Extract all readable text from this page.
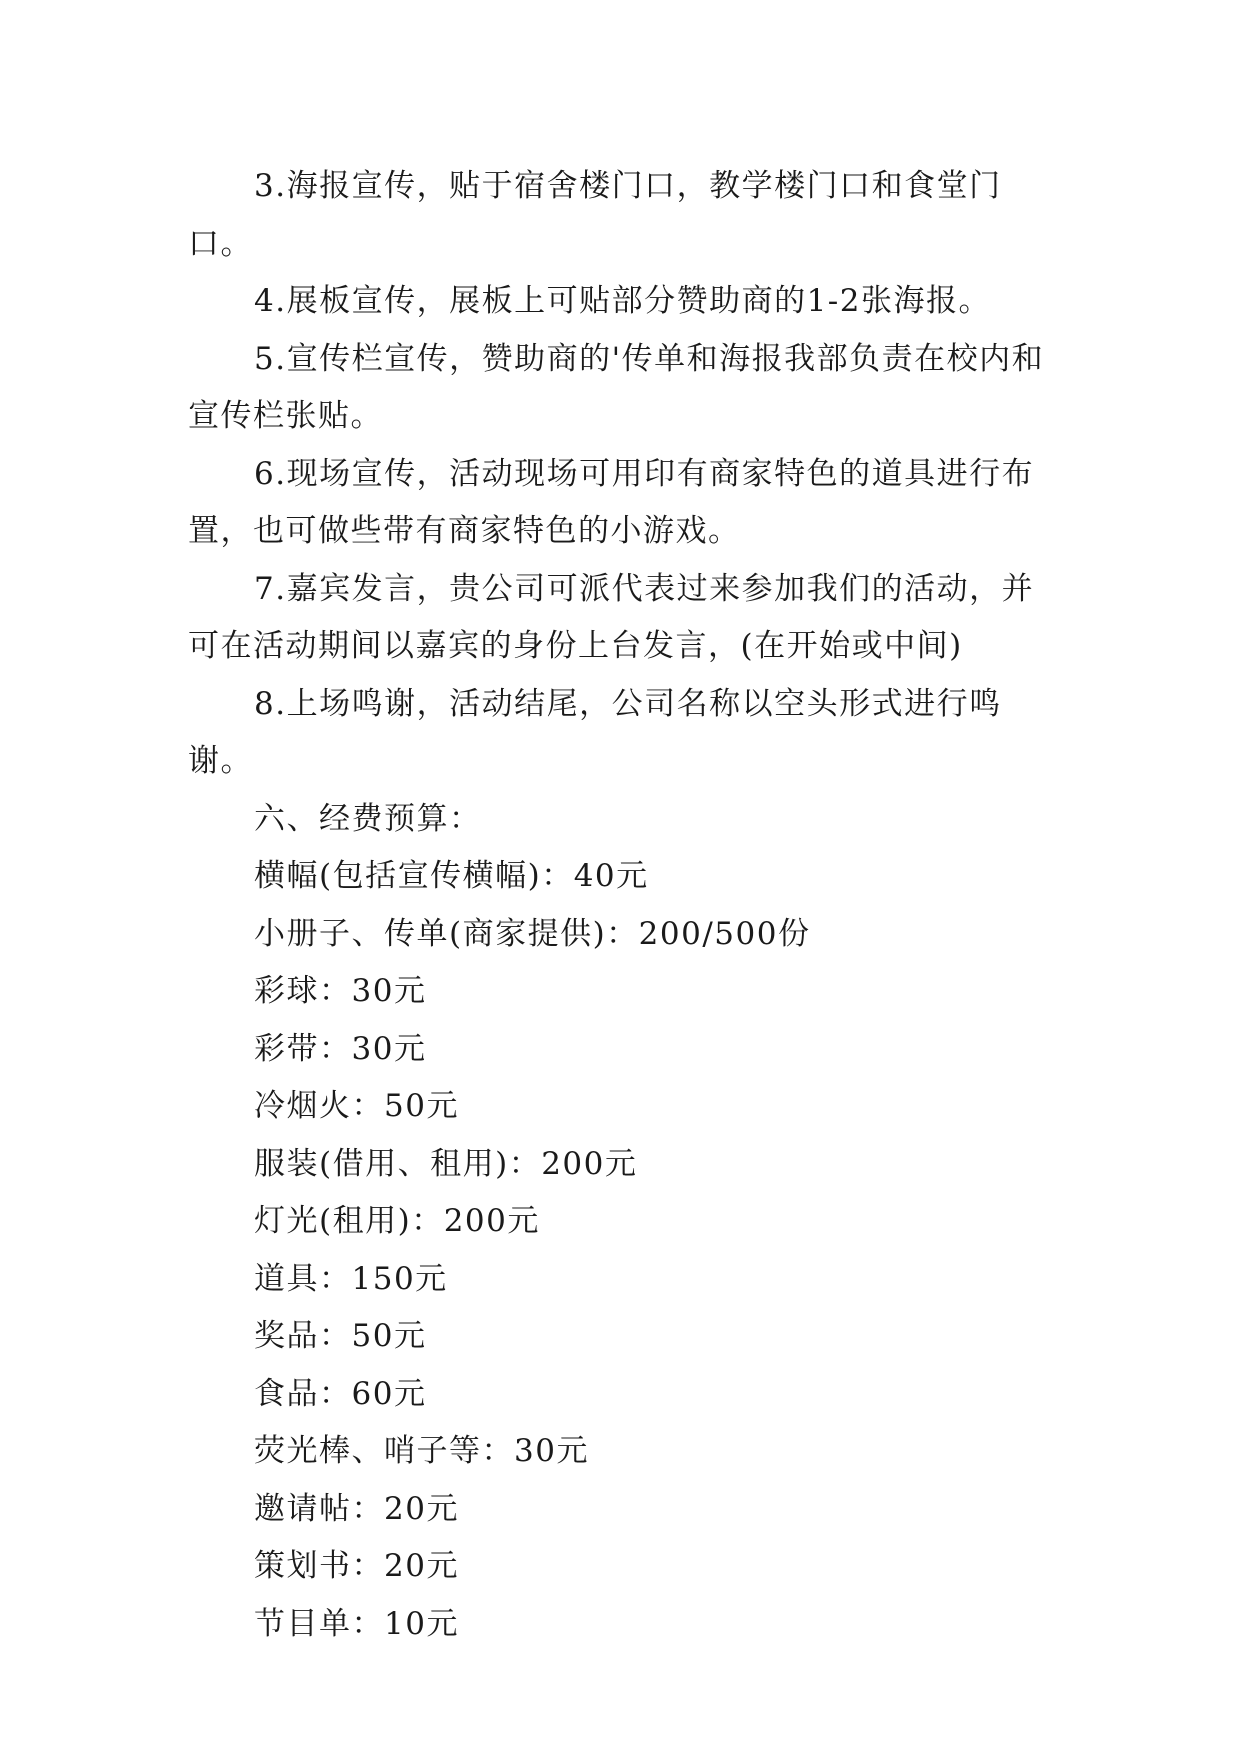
3.海报宣传，贴于宿舍楼门口，教学楼门口和食堂门口。

4.展板宣传，展板上可贴部分赞助商的1-2张海报。

5.宣传栏宣传，赞助商的'传单和海报我部负责在校内和宣传栏张贴。

6.现场宣传，活动现场可用印有商家特色的道具进行布置，也可做些带有商家特色的小游戏。

7.嘉宾发言，贵公司可派代表过来参加我们的活动，并可在活动期间以嘉宾的身份上台发言，(在开始或中间)

8.上场鸣谢，活动结尾，公司名称以空头形式进行鸣谢。

六、经费预算：

横幅(包括宣传横幅)：40元

小册子、传单(商家提供)：200/500份

彩球：30元

彩带：30元

冷烟火：50元

服装(借用、租用)：200元

灯光(租用)：200元

道具：150元

奖品：50元

食品：60元

荧光棒、哨子等：30元

邀请帖：20元

策划书：20元

节目单：10元
